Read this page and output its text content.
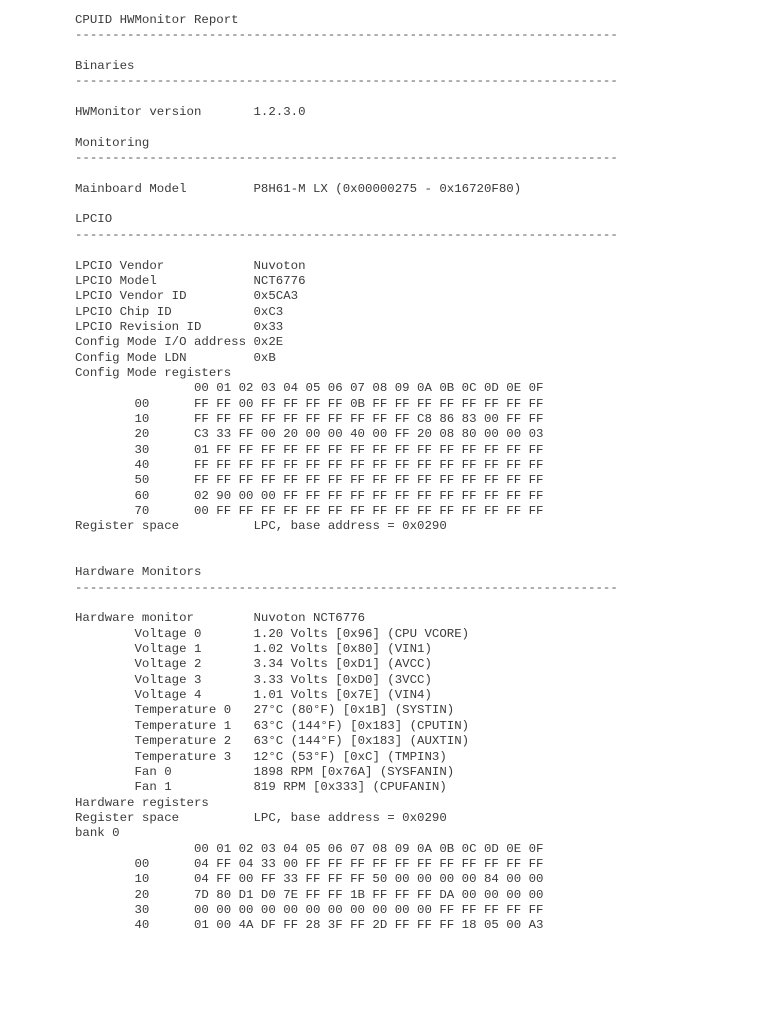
CPUID HWMonitor Report
-------------------------------------------------------------------------

Binaries
-------------------------------------------------------------------------

HWMonitor version       1.2.3.0

Monitoring
-------------------------------------------------------------------------

Mainboard Model         P8H61-M LX (0x00000275 - 0x16720F80)

LPCIO
-------------------------------------------------------------------------

LPCIO Vendor            Nuvoton
LPCIO Model             NCT6776
LPCIO Vendor ID         0x5CA3
LPCIO Chip ID           0xC3
LPCIO Revision ID       0x33
Config Mode I/O address 0x2E
Config Mode LDN         0xB
Config Mode registers
00 01 02 03 04 05 06 07 08 09 0A 0B 0C 0D 0E 0F
00      FF FF 00 FF FF FF FF 0B FF FF FF FF FF FF FF FF
10      FF FF FF FF FF FF FF FF FF FF C8 86 83 00 FF FF
20      C3 33 FF 00 20 00 00 40 00 FF 20 08 80 00 00 03
30      01 FF FF FF FF FF FF FF FF FF FF FF FF FF FF FF
40      FF FF FF FF FF FF FF FF FF FF FF FF FF FF FF FF
50      FF FF FF FF FF FF FF FF FF FF FF FF FF FF FF FF
60      02 90 00 00 FF FF FF FF FF FF FF FF FF FF FF FF
70      00 FF FF FF FF FF FF FF FF FF FF FF FF FF FF FF
Register space          LPC, base address = 0x0290

Hardware Monitors
-------------------------------------------------------------------------

Hardware monitor        Nuvoton NCT6776
Voltage 0       1.20 Volts [0x96] (CPU VCORE)
Voltage 1       1.02 Volts [0x80] (VIN1)
Voltage 2       3.34 Volts [0xD1] (AVCC)
Voltage 3       3.33 Volts [0xD0] (3VCC)
Voltage 4       1.01 Volts [0x7E] (VIN4)
Temperature 0   27°C (80°F) [0x1B] (SYSTIN)
Temperature 1   63°C (144°F) [0x183] (CPUTIN)
Temperature 2   63°C (144°F) [0x183] (AUXTIN)
Temperature 3   12°C (53°F) [0xC] (TMPIN3)
Fan 0           1898 RPM [0x76A] (SYSFANIN)
Fan 1           819 RPM [0x333] (CPUFANIN)
Hardware registers
Register space          LPC, base address = 0x0290
bank 0
00 01 02 03 04 05 06 07 08 09 0A 0B 0C 0D 0E 0F
00      04 FF 04 33 00 FF FF FF FF FF FF FF FF FF FF FF
10      04 FF 00 FF 33 FF FF FF 50 00 00 00 00 84 00 00
20      7D 80 D1 D0 7E FF FF 1B FF FF FF DA 00 00 00 00
30      00 00 00 00 00 00 00 00 00 00 00 FF FF FF FF FF
40      01 00 4A DF FF 28 3F FF 2D FF FF FF 18 05 00 A3
